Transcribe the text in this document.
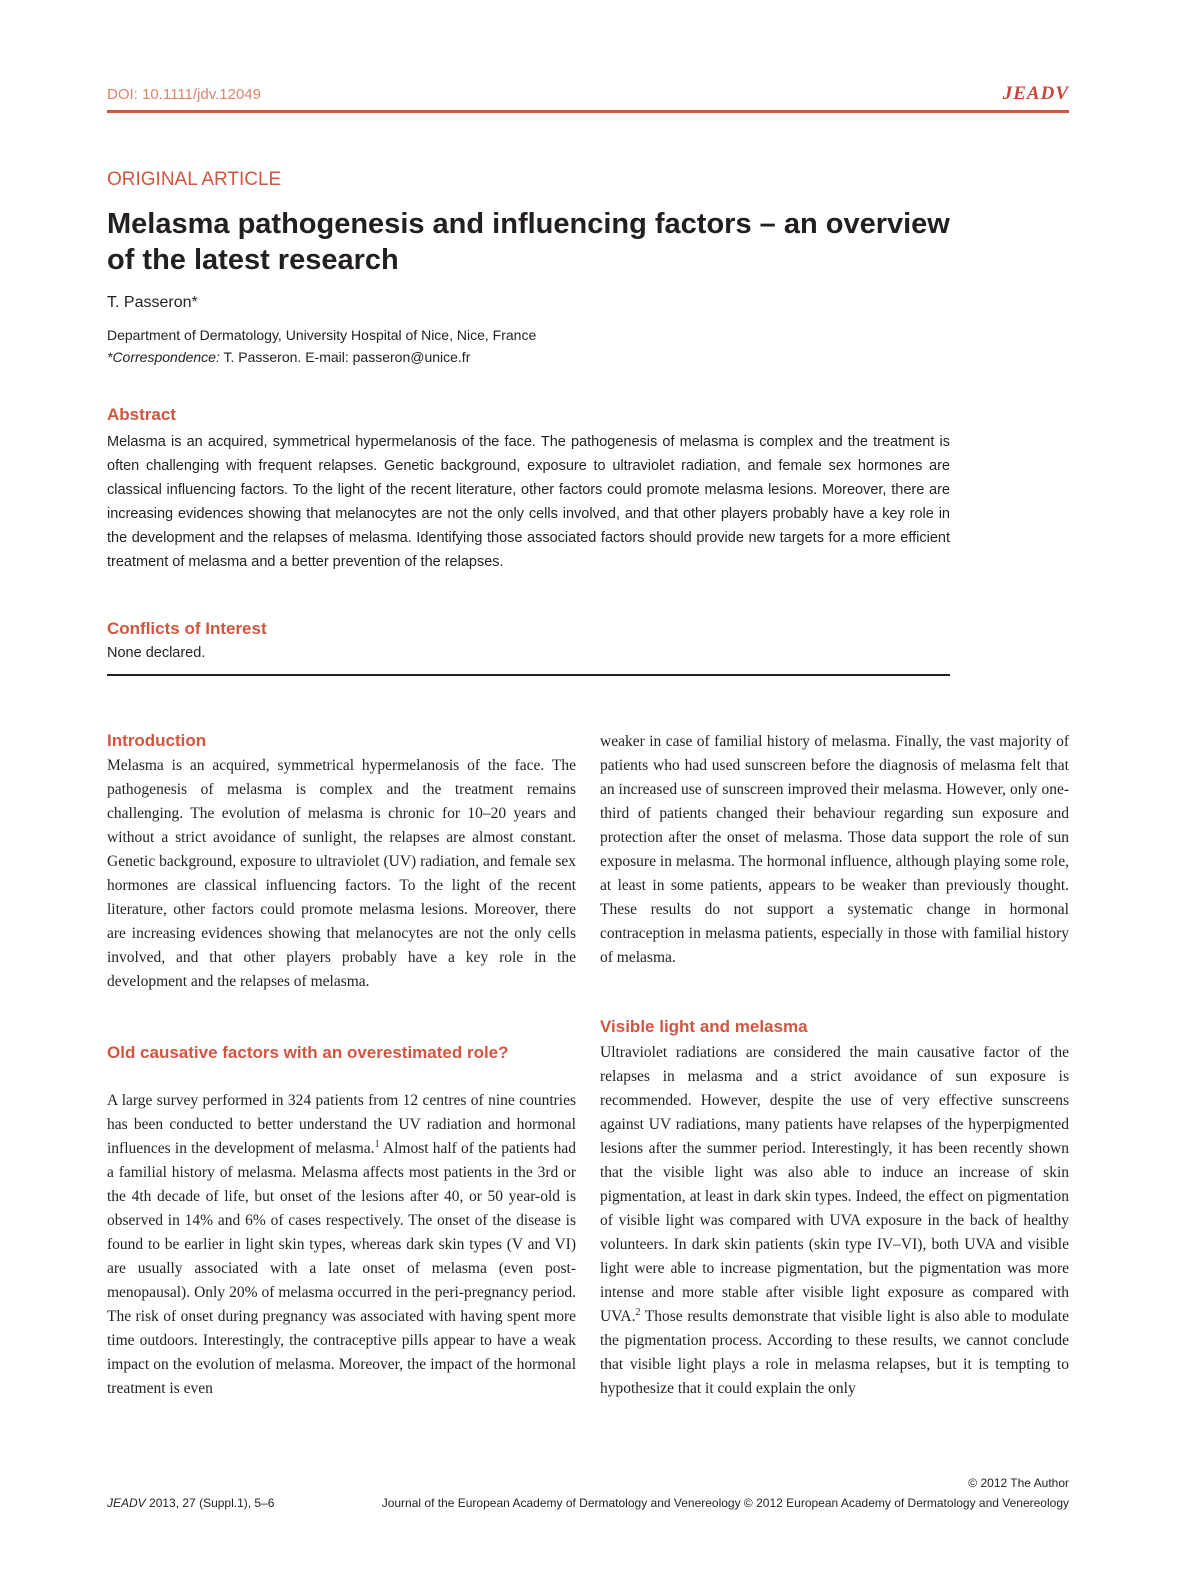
DOI: 10.1111/jdv.12049	JEADV
ORIGINAL ARTICLE
Melasma pathogenesis and influencing factors – an overview of the latest research
T. Passeron*
Department of Dermatology, University Hospital of Nice, Nice, France
*Correspondence: T. Passeron. E-mail: passeron@unice.fr
Abstract

Melasma is an acquired, symmetrical hypermelanosis of the face. The pathogenesis of melasma is complex and the treatment is often challenging with frequent relapses. Genetic background, exposure to ultraviolet radiation, and female sex hormones are classical influencing factors. To the light of the recent literature, other factors could promote melasma lesions. Moreover, there are increasing evidences showing that melanocytes are not the only cells involved, and that other players probably have a key role in the development and the relapses of melasma. Identifying those associated factors should provide new targets for a more efficient treatment of melasma and a better prevention of the relapses.

Conflicts of Interest
None declared.
Introduction

Melasma is an acquired, symmetrical hypermelanosis of the face. The pathogenesis of melasma is complex and the treatment remains challenging. The evolution of melasma is chronic for 10–20 years and without a strict avoidance of sunlight, the relapses are almost constant. Genetic background, exposure to ultraviolet (UV) radiation, and female sex hormones are classical influencing factors. To the light of the recent literature, other factors could promote melasma lesions. Moreover, there are increasing evidences showing that melanocytes are not the only cells involved, and that other players probably have a key role in the development and the relapses of melasma.

Old causative factors with an overestimated role?

A large survey performed in 324 patients from 12 centres of nine countries has been conducted to better understand the UV radiation and hormonal influences in the development of melasma.$^1$ Almost half of the patients had a familial history of melasma. Melasma affects most patients in the 3rd or the 4th decade of life, but onset of the lesions after 40, or 50 year-old is observed in 14% and 6% of cases respectively. The onset of the disease is found to be earlier in light skin types, whereas dark skin types (V and VI) are usually associated with a late onset of melasma (even post-menopausal). Only 20% of melasma occurred in the peri-pregnancy period. The risk of onset during pregnancy was associated with having spent more time outdoors. Interestingly, the contraceptive pills appear to have a weak impact on the evolution of melasma. Moreover, the impact of the hormonal treatment is even

weaker in case of familial history of melasma. Finally, the vast majority of patients who had used sunscreen before the diagnosis of melasma felt that an increased use of sunscreen improved their melasma. However, only one-third of patients changed their behaviour regarding sun exposure and protection after the onset of melasma. Those data support the role of sun exposure in melasma. The hormonal influence, although playing some role, at least in some patients, appears to be weaker than previously thought. These results do not support a systematic change in hormonal contraception in melasma patients, especially in those with familial history of melasma.

Visible light and melasma

Ultraviolet radiations are considered the main causative factor of the relapses in melasma and a strict avoidance of sun exposure is recommended. However, despite the use of very effective sunscreens against UV radiations, many patients have relapses of the hyperpigmented lesions after the summer period. Interestingly, it has been recently shown that the visible light was also able to induce an increase of skin pigmentation, at least in dark skin types. Indeed, the effect on pigmentation of visible light was compared with UVA exposure in the back of healthy volunteers. In dark skin patients (skin type IV–VI), both UVA and visible light were able to increase pigmentation, but the pigmentation was more intense and more stable after visible light exposure as compared with UVA.$^2$ Those results demonstrate that visible light is also able to modulate the pigmentation process. According to these results, we cannot conclude that visible light plays a role in melasma relapses, but it is tempting to hypothesize that it could explain the only

© 2012 The Author
JEADV 2013, 27 (Suppl.1), 5–6	Journal of the European Academy of Dermatology and Venereology © 2012 European Academy of Dermatology and Venereology
